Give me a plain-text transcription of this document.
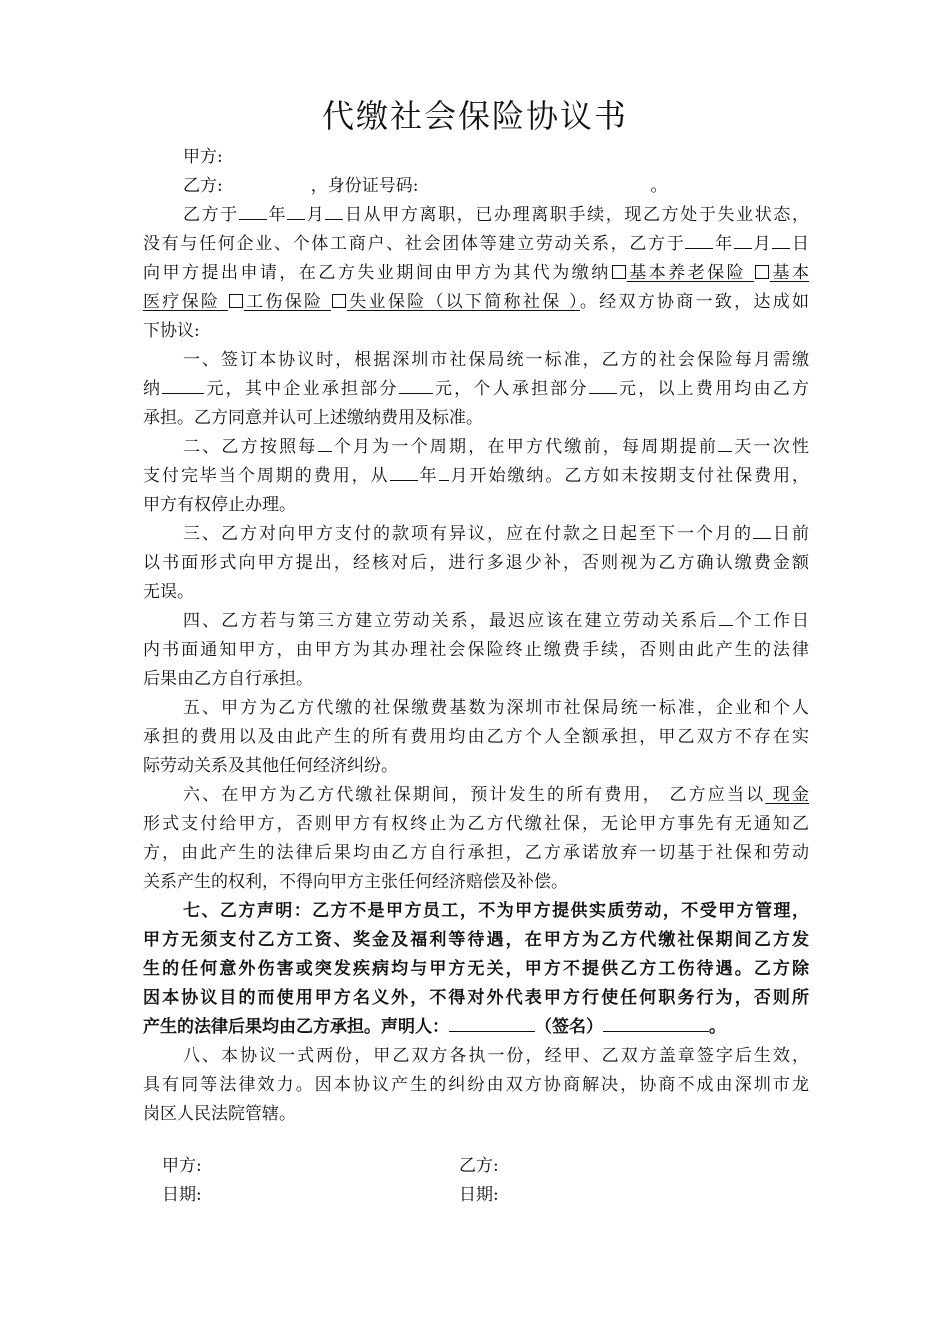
代缴社会保险协议书
甲方:
乙方:	，身份证号码:	。
乙方于 年 月 日从甲方离职，已办理离职手续，现乙方处于失业状态，
没有与任何企业、个体工商户、社会团体等建立劳动关系，乙方于 年 月 日
向甲方提出申请，在乙方失业期间由甲方为其代为缴纳 基本养老保险 基本
医疗保险 工伤保险 失业保险（以下简称社保 ）。经双方协商一致，达成如
下协议:
一、签订本协议时，根据深圳市社保局统一标准，乙方的社会保险每月需缴
纳 元，其中企业承担部分 元，个人承担部分 元，以上费用均由乙方
承担。乙方同意并认可上述缴纳费用及标准。
二、乙方按照每 个月为一个周期，在甲方代缴前，每周期提前 天一次性
支付完毕当个周期的费用，从 年 月开始缴纳。乙方如未按期支付社保费用，
甲方有权停止办理。
三、乙方对向甲方支付的款项有异议，应在付款之日起至下一个月的 日前
以书面形式向甲方提出，经核对后，进行多退少补，否则视为乙方确认缴费金额
无误。
四、乙方若与第三方建立劳动关系，最迟应该在建立劳动关系后 个工作日
内书面通知甲方，由甲方为其办理社会保险终止缴费手续，否则由此产生的法律
后果由乙方自行承担。
五、甲方为乙方代缴的社保缴费基数为深圳市社保局统一标准，企业和个人
承担的费用以及由此产生的所有费用均由乙方个人全额承担，甲乙双方不存在实
际劳动关系及其他任何经济纠纷。
六、在甲方为乙方代缴社保期间，预计发生的所有费用， 乙方应当以 现金
形式支付给甲方，否则甲方有权终止为乙方代缴社保，无论甲方事先有无通知乙
方，由此产生的法律后果均由乙方自行承担，乙方承诺放弃一切基于社保和劳动
关系产生的权利，不得向甲方主张任何经济赔偿及补偿。
七、乙方声明：乙方不是甲方员工，不为甲方提供实质劳动，不受甲方管理，
甲方无须支付乙方工资、奖金及福利等待遇，在甲方为乙方代缴社保期间乙方发
生的任何意外伤害或突发疾病均与甲方无关，甲方不提供乙方工伤待遇。乙方除
因本协议目的而使用甲方名义外，不得对外代表甲方行使任何职务行为，否则所
产生的法律后果均由乙方承担。声明人：	（签名）	。
八、本协议一式两份，甲乙双方各执一份，经甲、乙双方盖章签字后生效，
具有同等法律效力。因本协议产生的纠纷由双方协商解决，协商不成由深圳市龙
岗区人民法院管辖。
甲方:	乙方:
日期:	日期:
